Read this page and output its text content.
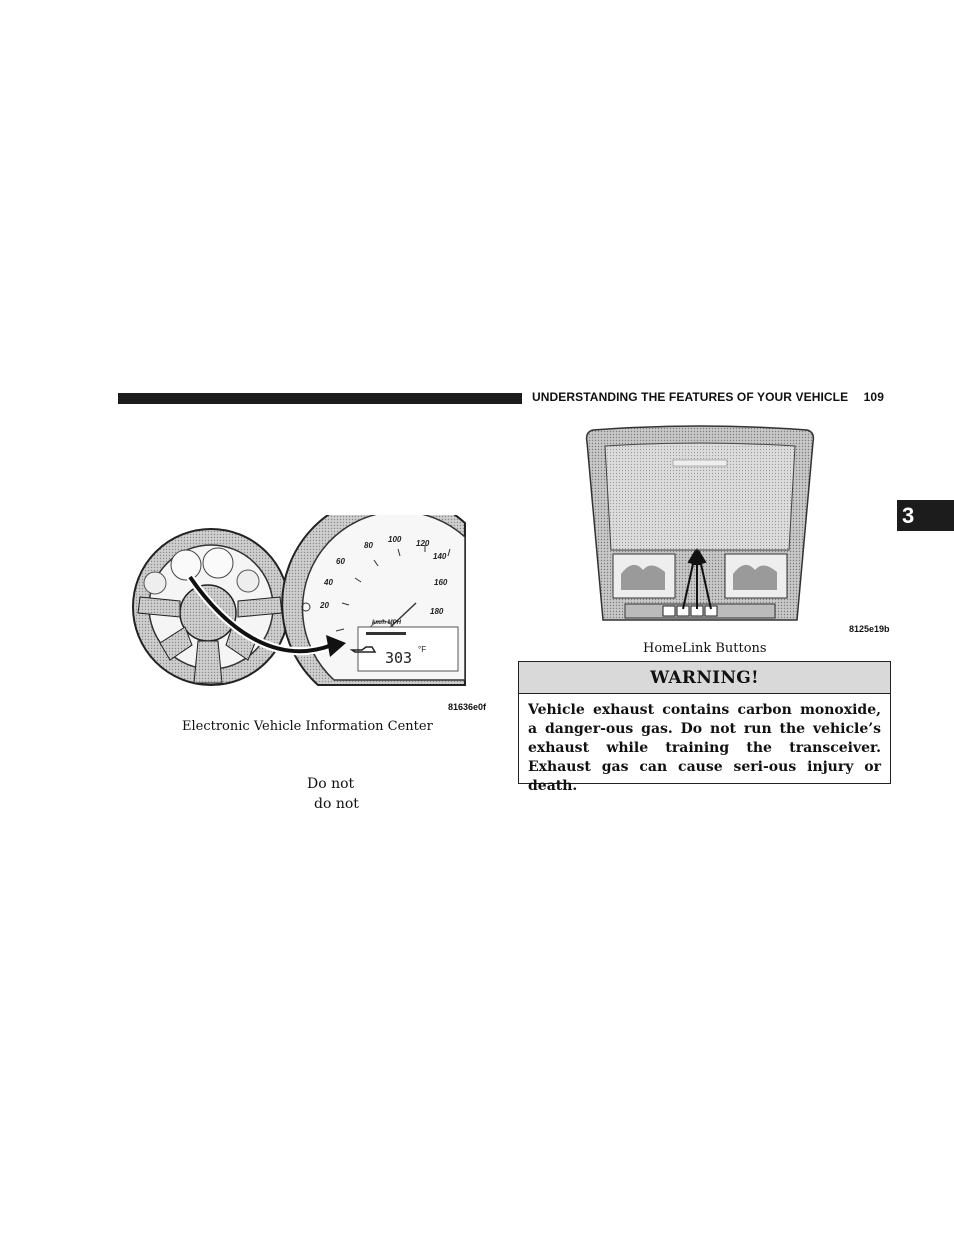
UNDERSTANDING THE FEATURES OF YOUR VEHICLE 109
3
303 °F
km/h MPH
20
40
60
80
100 120
140
160
180
81636e0f
Electronic Vehicle Information Center
Do not
do not
8125e19b
HomeLink Buttons
WARNING!
Vehicle exhaust contains carbon monoxide, a danger-ous gas. Do not run the vehicle’s exhaust while training the transceiver. Exhaust gas can cause seri-ous injury or death.
